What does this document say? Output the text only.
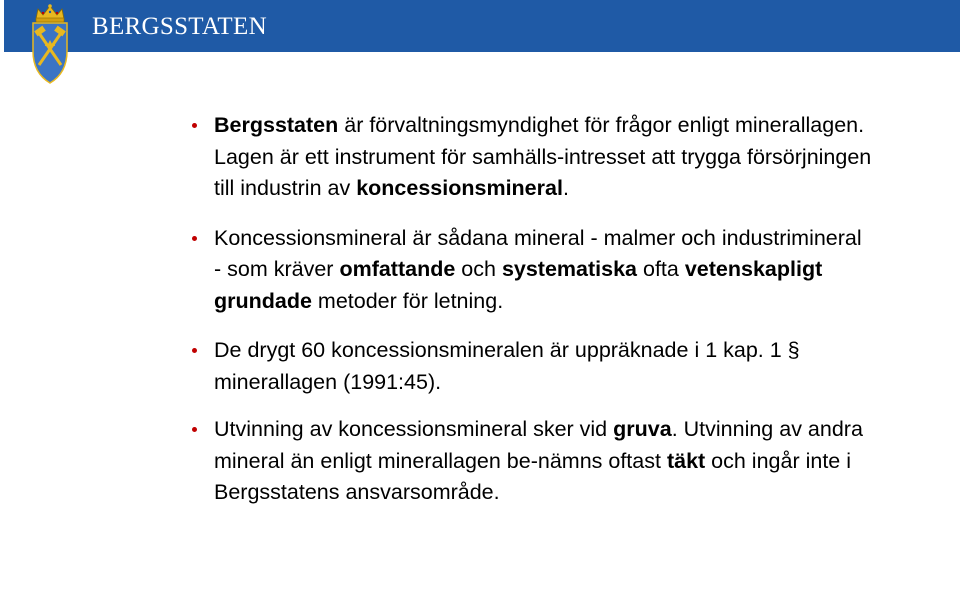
BERGSSTATEN
Bergsstaten är förvaltningsmyndighet för frågor enligt minerallagen. Lagen är ett instrument för samhälls-intresset att trygga försörjningen till industrin av koncessionsmineral.
Koncessionsmineral är sådana mineral - malmer och industrimineral - som kräver omfattande och systematiska ofta vetenskapligt grundade metoder för letning.
De drygt 60 koncessionsmineralen är uppräknade i 1 kap. 1 § minerallagen (1991:45).
Utvinning av koncessionsmineral sker vid gruva. Utvinning av andra mineral än enligt minerallagen be-nämns oftast täkt och ingår inte i Bergsstatens ansvarsområde.
